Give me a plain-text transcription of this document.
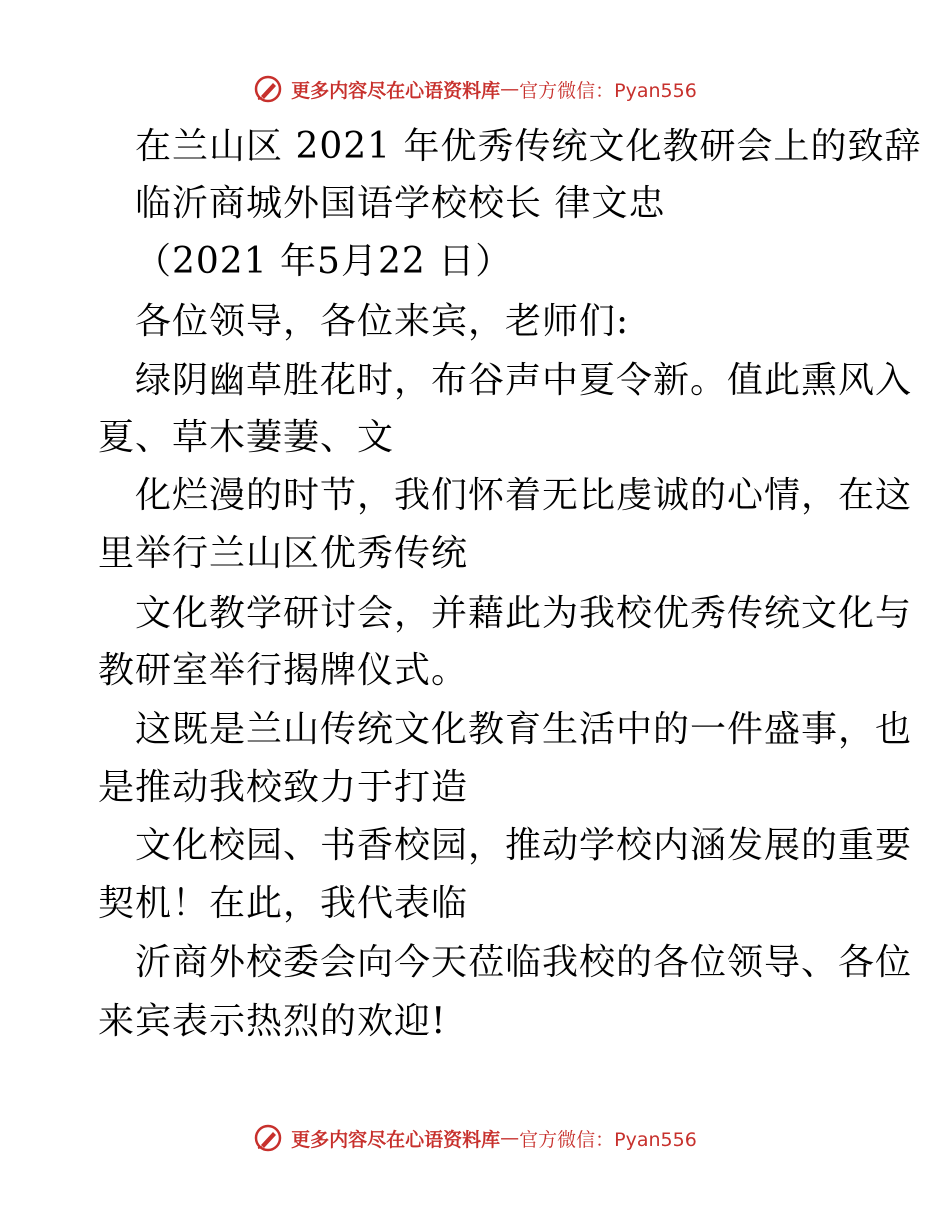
更多内容尽在心语资料库 — 官方微信：Pyan556
在兰山区 2021 年优秀传统文化教研会上的致辞
临沂商城外国语学校校长 律文忠
（2021 年5月22 日）
各位领导，各位来宾，老师们:
绿阴幽草胜花时，布谷声中夏令新。值此熏风入
夏、草木萋萋、文
化烂漫的时节，我们怀着无比虔诚的心情，在这
里举行兰山区优秀传统
文化教学研讨会，并藉此为我校优秀传统文化与
教研室举行揭牌仪式。
这既是兰山传统文化教育生活中的一件盛事，也
是推动我校致力于打造
文化校园、书香校园，推动学校内涵发展的重要
契机！在此，我代表临
沂商外校委会向今天莅临我校的各位领导、各位
来宾表示热烈的欢迎!
更多内容尽在心语资料库 — 官方微信：Pyan556
